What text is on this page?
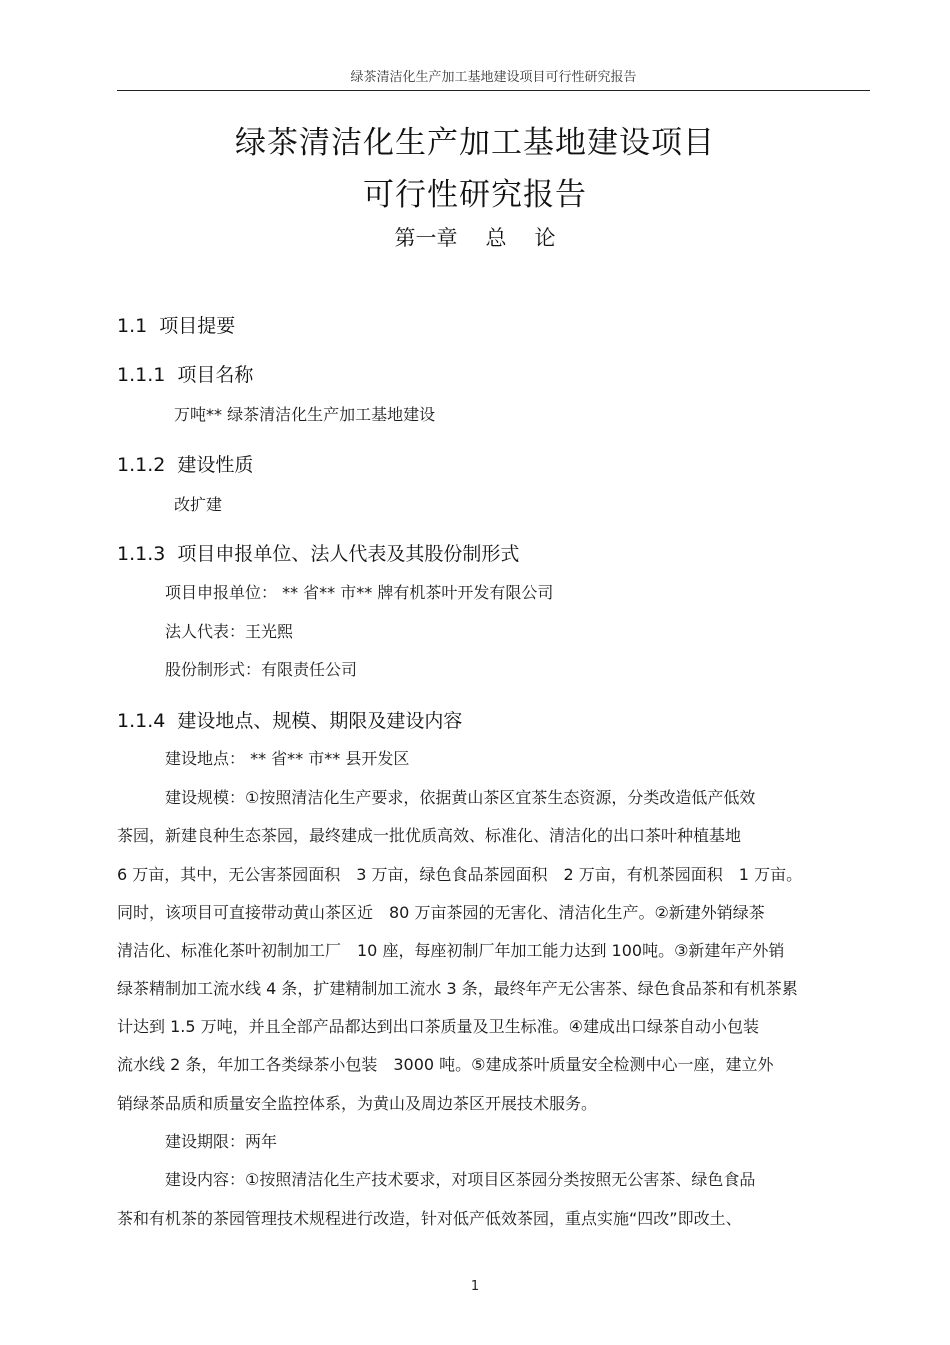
绿茶清洁化生产加工基地建设项目可行性研究报告
绿茶清洁化生产加工基地建设项目
可行性研究报告
第一章 总 论
1.1 项目提要
1.1.1 项目名称
万吨** 绿茶清洁化生产加工基地建设
1.1.2 建设性质
改扩建
1.1.3 项目申报单位、法人代表及其股份制形式
项目申报单位： ** 省** 市** 牌有机茶叶开发有限公司
法人代表：王光熙
股份制形式：有限责任公司
1.1.4 建设地点、规模、期限及建设内容
建设地点： ** 省** 市** 县开发区
建设规模：①按照清洁化生产要求，依据黄山茶区宜茶生态资源，分类改造低产低效
茶园，新建良种生态茶园，最终建成一批优质高效、标准化、清洁化的出口茶叶种植基地
6 万亩，其中，无公害茶园面积　3 万亩，绿色食品茶园面积　2 万亩，有机茶园面积　1 万亩。
同时，该项目可直接带动黄山茶区近　80 万亩茶园的无害化、清洁化生产。②新建外销绿茶
清洁化、标准化茶叶初制加工厂　10 座，每座初制厂年加工能力达到 100吨。③新建年产外销
绿茶精制加工流水线 4 条，扩建精制加工流水 3 条，最终年产无公害茶、绿色食品茶和有机茶累
计达到 1.5 万吨，并且全部产品都达到出口茶质量及卫生标准。④建成出口绿茶自动小包装
流水线 2 条，年加工各类绿茶小包装　3000 吨。⑤建成茶叶质量安全检测中心一座，建立外
销绿茶品质和质量安全监控体系，为黄山及周边茶区开展技术服务。
建设期限：两年
建设内容：①按照清洁化生产技术要求，对项目区茶园分类按照无公害茶、绿色食品
茶和有机茶的茶园管理技术规程进行改造，针对低产低效茶园，重点实施“四改”即改土、
1
